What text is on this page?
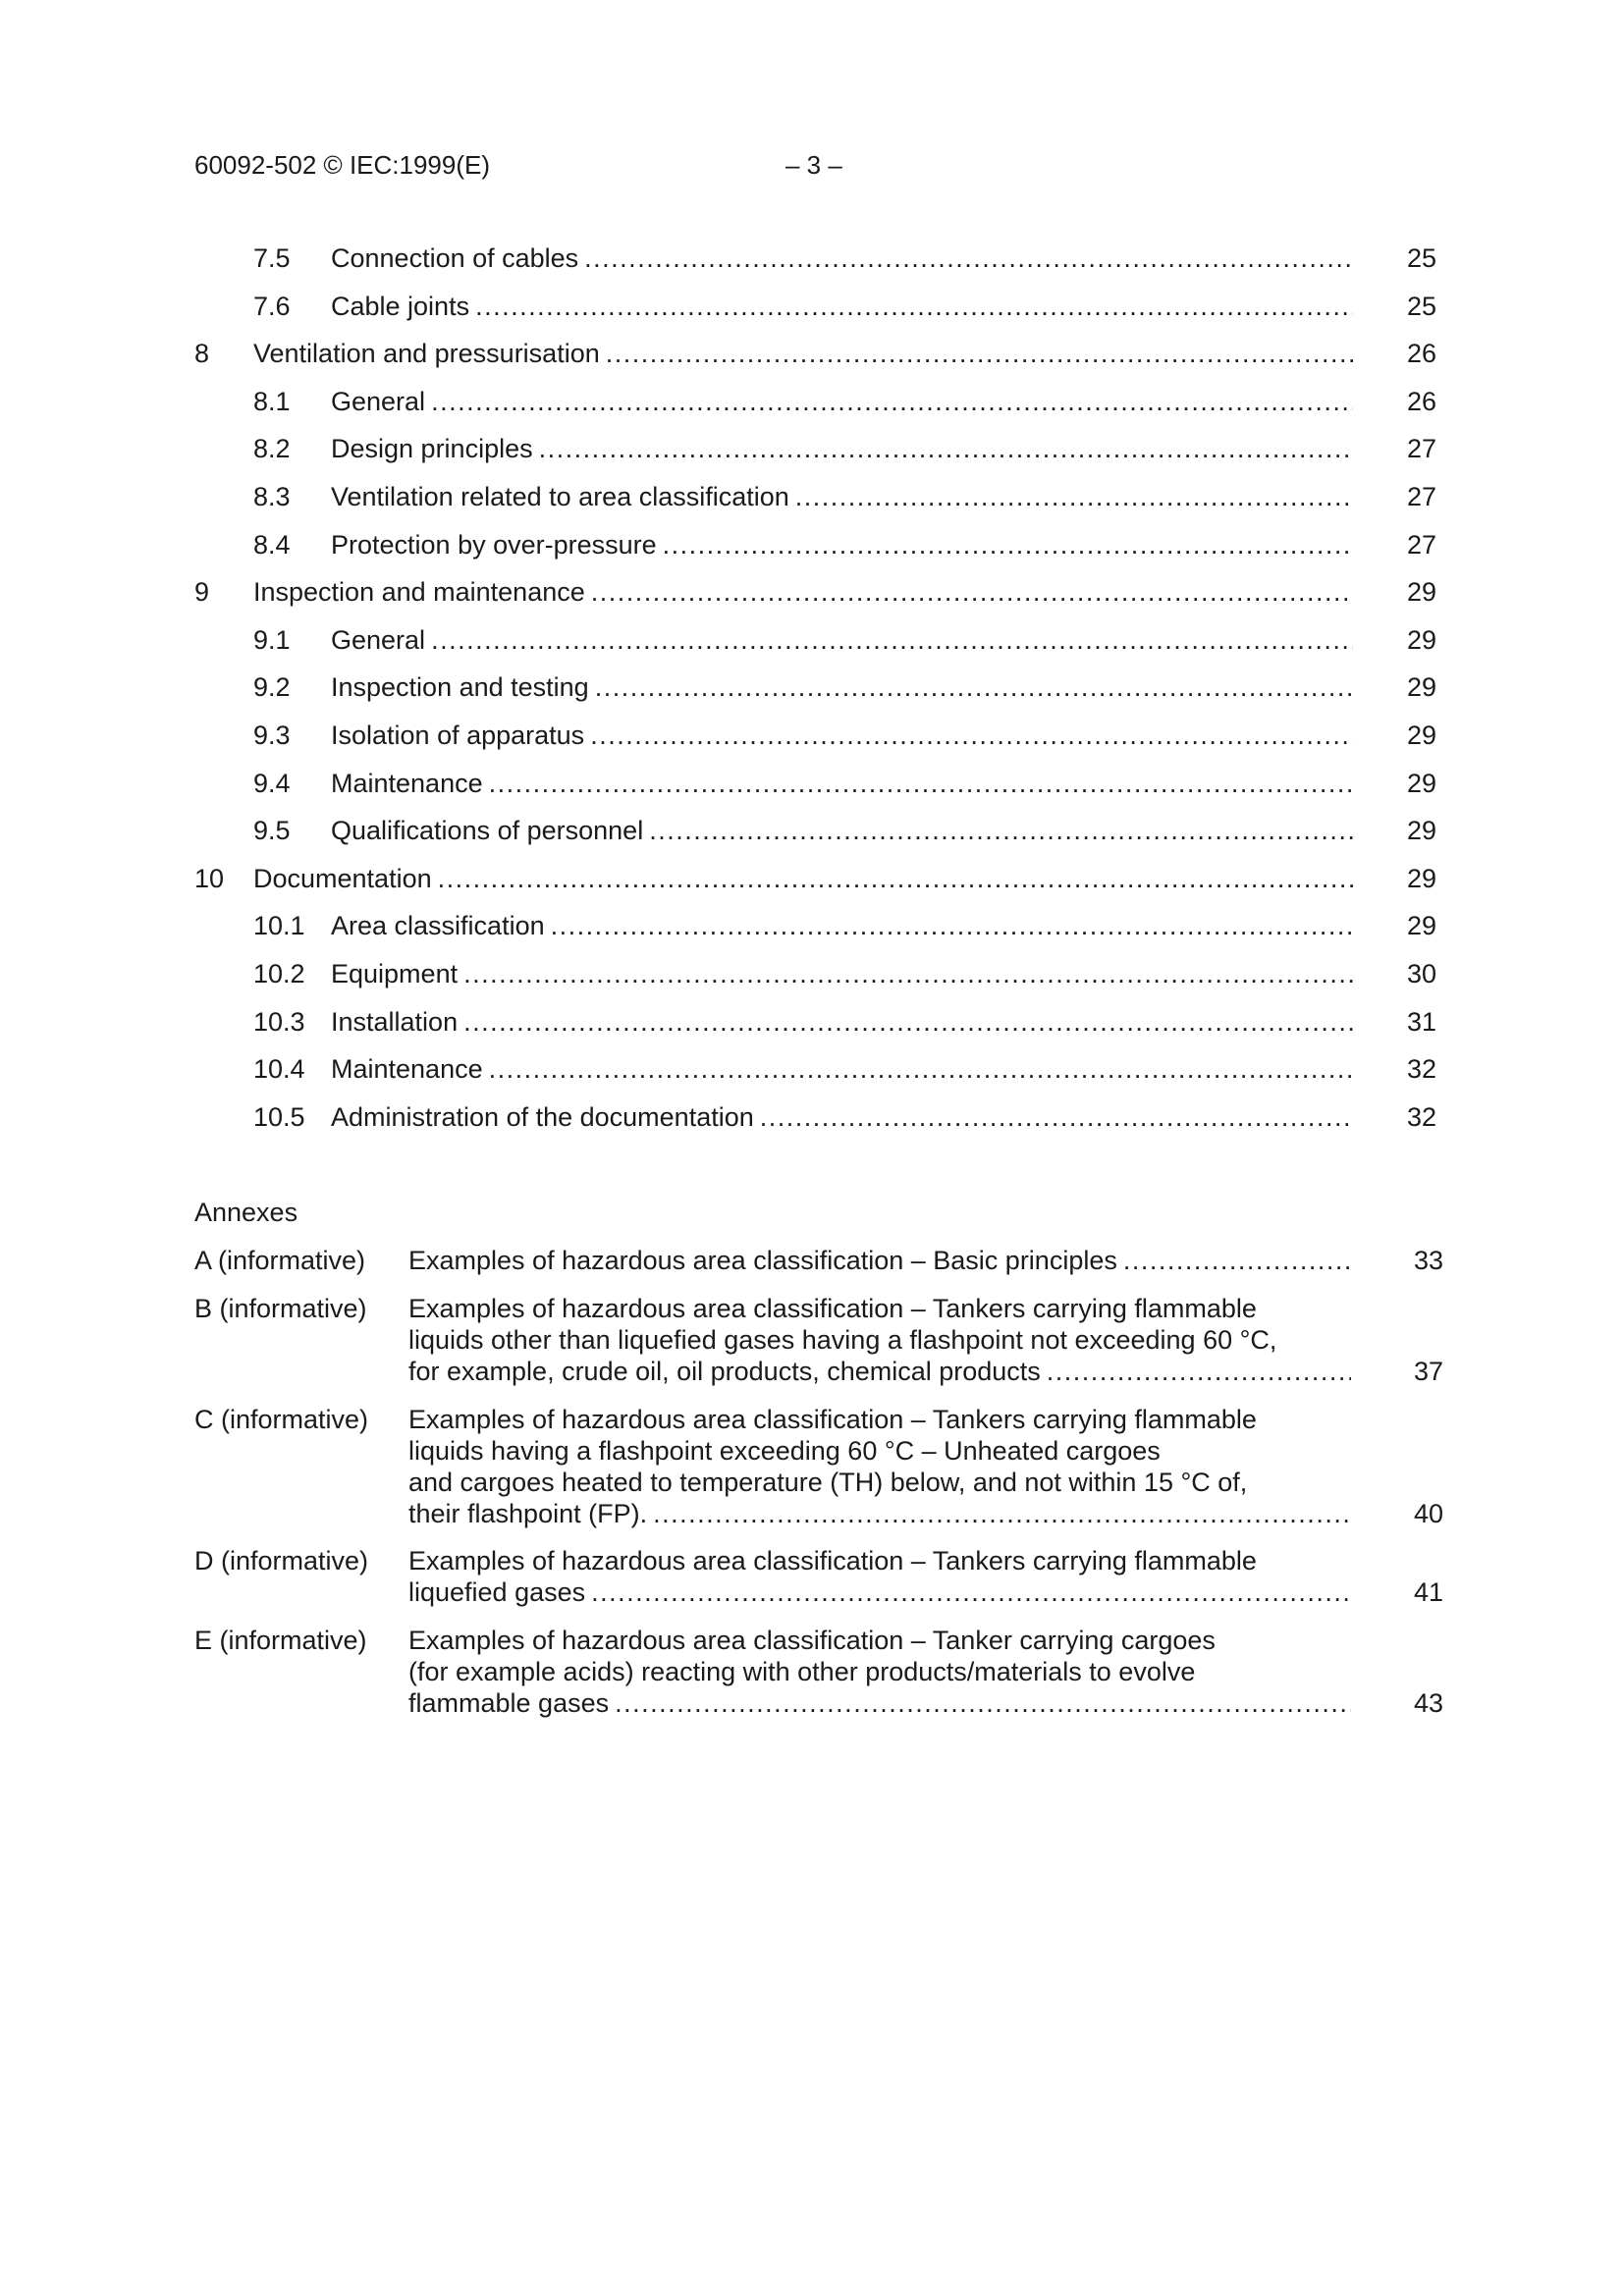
60092-502 © IEC:1999(E)	– 3 –
7.5 Connection of cables . . .	25
7.6 Cable joints . . .	25
8 Ventilation and pressurisation . . .	26
8.1 General . . .	26
8.2 Design principles . . .	27
8.3 Ventilation related to area classification . . .	27
8.4 Protection by over-pressure . . .	27
9 Inspection and maintenance . . .	29
9.1 General . . .	29
9.2 Inspection and testing . . .	29
9.3 Isolation of apparatus . . .	29
9.4 Maintenance . . .	29
9.5 Qualifications of personnel . . .	29
10 Documentation . . .	29
10.1 Area classification . . .	29
10.2 Equipment . . .	30
10.3 Installation . . .	31
10.4 Maintenance . . .	32
10.5 Administration of the documentation . . .	32
Annexes
A (informative) Examples of hazardous area classification – Basic principles . . .	33
B (informative) Examples of hazardous area classification – Tankers carrying flammable
liquids other than liquefied gases having a flashpoint not exceeding 60 °C,
for example, crude oil, oil products, chemical products . . .	37
C (informative) Examples of hazardous area classification – Tankers carrying flammable
liquids having a flashpoint exceeding 60 °C – Unheated cargoes
and cargoes heated to temperature (TH) below, and not within 15 °C of,
their flashpoint (FP). . . .	40
D (informative) Examples of hazardous area classification – Tankers carrying flammable
liquefied gases . . .	41
E (informative) Examples of hazardous area classification – Tanker carrying cargoes
(for example acids) reacting with other products/materials to evolve
flammable gases . . .	43
